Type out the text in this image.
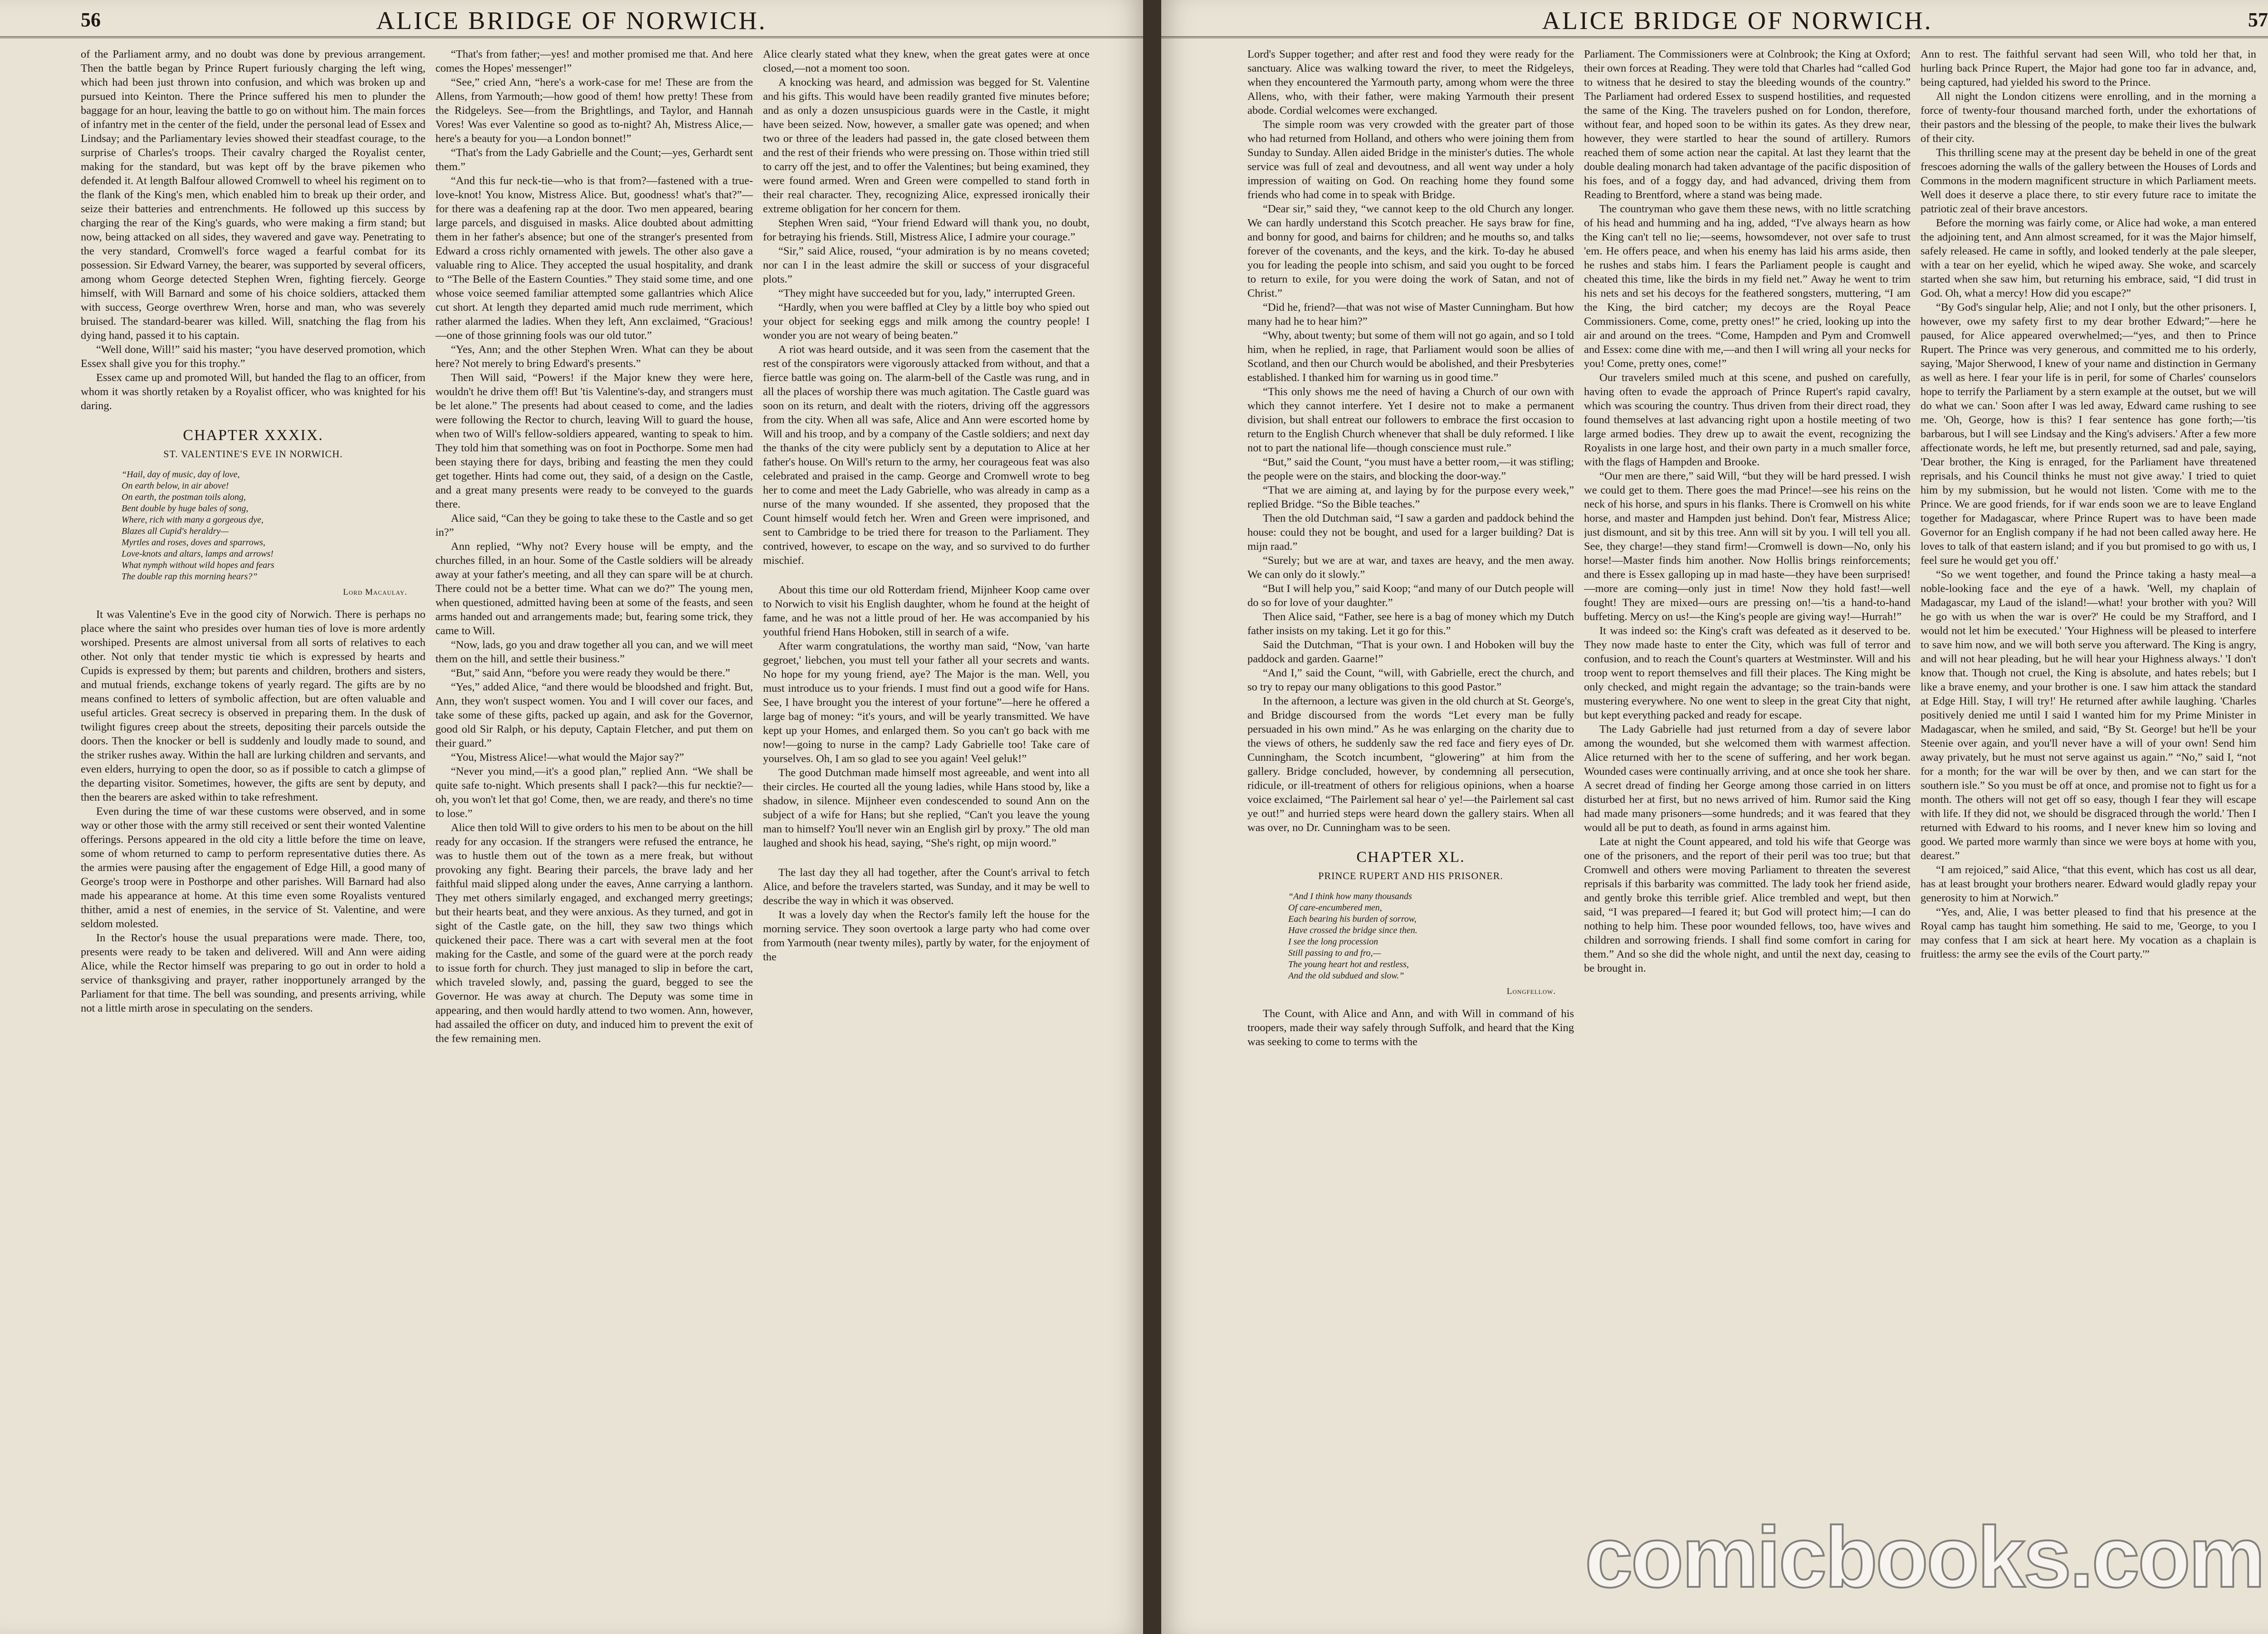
56	ALICE BRIDGE OF NORWICH.

of the Parliament army, and no doubt was done by previous arrangement. Then the battle began by Prince Rupert furiously charging the left wing, which had been just thrown into confusion, and which was broken up and pursued into Keinton. There the Prince suffered his men to plunder the baggage for an hour, leaving the battle to go on without him. The main forces of infantry met in the center of the field, under the personal lead of Essex and Lindsay; and the Parliamentary levies showed their steadfast courage, to the surprise of Charles's troops. Their cavalry charged the Royalist center, making for the standard, but was kept off by the brave pikemen who defended it. At length Balfour allowed Cromwell to wheel his regiment on to the flank of the King's men, which enabled him to break up their order, and seize their batteries and entrenchments. He followed up this success by charging the rear of the King's guards, who were making a firm stand; but now, being attacked on all sides, they wavered and gave way. Penetrating to the very standard, Cromwell's force waged a fearful combat for its possession. Sir Edward Varney, the bearer, was supported by several officers, among whom George detected Stephen Wren, fighting fiercely. George himself, with Will Barnard and some of his choice soldiers, attacked them with success, George overthrew Wren, horse and man, who was severely bruised. The standard-bearer was killed. Will, snatching the flag from his dying hand, passed it to his captain.

“Well done, Will!” said his master; “you have deserved promotion, which Essex shall give you for this trophy.”

Essex came up and promoted Will, but handed the flag to an officer, from whom it was shortly retaken by a Royalist officer, who was knighted for his daring.

CHAPTER XXXIX.
ST. VALENTINE'S EVE IN NORWICH.
“Hail, day of music, day of love,
On earth below, in air above!
On earth, the postman toils along,
Bent double by huge bales of song,
Where, rich with many a gorgeous dye,
Blazes all Cupid's heraldry—
Myrtles and roses, doves and sparrows,
Love-knots and altars, lamps and arrows!
What nymph without wild hopes and fears
The double rap this morning hears?”
Lord Macaulay.

It was Valentine's Eve in the good city of Norwich. There is perhaps no place where the saint who presides over human ties of love is more ardently worshiped. Presents are almost universal from all sorts of relatives to each other. Not only that tender mystic tie which is expressed by hearts and Cupids is expressed by them; but parents and children, brothers and sisters, and mutual friends, exchange tokens of yearly regard. The gifts are by no means confined to letters of symbolic affection, but are often valuable and useful articles. Great secrecy is observed in preparing them. In the dusk of twilight figures creep about the streets, depositing their parcels outside the doors. Then the knocker or bell is suddenly and loudly made to sound, and the striker rushes away. Within the hall are lurking children and servants, and even elders, hurrying to open the door, so as if possible to catch a glimpse of the departing visitor. Sometimes, however, the gifts are sent by deputy, and then the bearers are asked within to take refreshment.

Even during the time of war these customs were observed, and in some way or other those with the army still received or sent their wonted Valentine offerings. Persons appeared in the old city a little before the time on leave, some of whom returned to camp to perform representative duties there. As the armies were pausing after the engagement of Edge Hill, a good many of George's troop were in Posthorpe and other parishes. Will Barnard had also made his appearance at home. At this time even some Royalists ventured thither, amid a nest of enemies, in the service of St. Valentine, and were seldom molested.

In the Rector's house the usual preparations were made. There, too, presents were ready to be taken and delivered. Will and Ann were aiding Alice, while the Rector himself was preparing to go out in order to hold a service of thanksgiving and prayer, rather inopportunely arranged by the Parliament for that time. The bell was sounding, and presents arriving, while not a little mirth arose in speculating on the senders.

“That's from father;—yes! and mother promised me that. And here comes the Hopes' messenger!”

“See,” cried Ann, “here's a work-case for me! These are from the Allens, from Yarmouth;—how good of them! how pretty! These from the Ridgeleys. See—from the Brightlings, and Taylor, and Hannah Vores! Was ever Valentine so good as to-night? Ah, Mistress Alice,—here's a beauty for you—a London bonnet!”

“That's from the Lady Gabrielle and the Count;—yes, Gerhardt sent them.”

“And this fur neck-tie—who is that from?—fastened with a true-love-knot! You know, Mistress Alice. But, goodness! what's that?”—for there was a deafening rap at the door. Two men appeared, bearing large parcels, and disguised in masks. Alice doubted about admitting them in her father's absence; but one of the stranger's presented from Edward a cross richly ornamented with jewels. The other also gave a valuable ring to Alice. They accepted the usual hospitality, and drank to “The Belle of the Eastern Counties.” They staid some time, and one whose voice seemed familiar attempted some gallantries which Alice cut short. At length they departed amid much rude merriment, which rather alarmed the ladies. When they left, Ann exclaimed, “Gracious!—one of those grinning fools was our old tutor.”

“Yes, Ann; and the other Stephen Wren. What can they be about here? Not merely to bring Edward's presents.”

Then Will said, “Powers! if the Major knew they were here, wouldn't he drive them off! But 'tis Valentine's-day, and strangers must be let alone.” The presents had about ceased to come, and the ladies were following the Rector to church, leaving Will to guard the house, when two of Will's fellow-soldiers appeared, wanting to speak to him. They told him that something was on foot in Pocthorpe. Some men had been staying there for days, bribing and feasting the men they could get together. Hints had come out, they said, of a design on the Castle, and a great many presents were ready to be conveyed to the guards there.

Alice said, “Can they be going to take these to the Castle and so get in?”

Ann replied, “Why not? Every house will be empty, and the churches filled, in an hour. Some of the Castle soldiers will be already away at your father's meeting, and all they can spare will be at church. There could not be a better time. What can we do?” The young men, when questioned, admitted having been at some of the feasts, and seen arms handed out and arrangements made; but, fearing some trick, they came to Will.

“Now, lads, go you and draw together all you can, and we will meet them on the hill, and settle their business.”

“But,” said Ann, “before you were ready they would be there.”

“Yes,” added Alice, “and there would be bloodshed and fright. But, Ann, they won't suspect women. You and I will cover our faces, and take some of these gifts, packed up again, and ask for the Governor, good old Sir Ralph, or his deputy, Captain Fletcher, and put them on their guard.”

“You, Mistress Alice!—what would the Major say?”

“Never you mind,—it's a good plan,” replied Ann. “We shall be quite safe to-night. Which presents shall I pack?—this fur necktie?—oh, you won't let that go! Come, then, we are ready, and there's no time to lose.”

Alice then told Will to give orders to his men to be about on the hill ready for any occasion. If the strangers were refused the entrance, he was to hustle them out of the town as a mere freak, but without provoking any fight. Bearing their parcels, the brave lady and her faithful maid slipped along under the eaves, Anne carrying a lanthorn. They met others similarly engaged, and exchanged merry greetings; but their hearts beat, and they were anxious. As they turned, and got in sight of the Castle gate, on the hill, they saw two things which quickened their pace. There was a cart with several men at the foot making for the Castle, and some of the guard were at the porch ready to issue forth for church. They just managed to slip in before the cart, which traveled slowly, and, passing the guard, begged to see the Governor. He was away at church. The Deputy was some time in appearing, and then would hardly attend to two women. Ann, however, had assailed the officer on duty, and induced him to prevent the exit of the few remaining men.

Alice clearly stated what they knew, when the great gates were at once closed,—not a moment too soon.

A knocking was heard, and admission was begged for St. Valentine and his gifts. This would have been readily granted five minutes before; and as only a dozen unsuspicious guards were in the Castle, it might have been seized. Now, however, a smaller gate was opened; and when two or three of the leaders had passed in, the gate closed between them and the rest of their friends who were pressing on. Those within tried still to carry off the jest, and to offer the Valentines; but being examined, they were found armed. Wren and Green were compelled to stand forth in their real character. They, recognizing Alice, expressed ironically their extreme obligation for her concern for them.

Stephen Wren said, “Your friend Edward will thank you, no doubt, for betraying his friends. Still, Mistress Alice, I admire your courage.”

“Sir,” said Alice, roused, “your admiration is by no means coveted; nor can I in the least admire the skill or success of your disgraceful plots.”

“They might have succeeded but for you, lady,” interrupted Green.

“Hardly, when you were baffled at Cley by a little boy who spied out your object for seeking eggs and milk among the country people! I wonder you are not weary of being beaten.”

A riot was heard outside, and it was seen from the casement that the rest of the conspirators were vigorously attacked from without, and that a fierce battle was going on. The alarm-bell of the Castle was rung, and in all the places of worship there was much agitation. The Castle guard was soon on its return, and dealt with the rioters, driving off the aggressors from the city. When all was safe, Alice and Ann were escorted home by Will and his troop, and by a company of the Castle soldiers; and next day the thanks of the city were publicly sent by a deputation to Alice at her father's house. On Will's return to the army, her courageous feat was also celebrated and praised in the camp. George and Cromwell wrote to beg her to come and meet the Lady Gabrielle, who was already in camp as a nurse of the many wounded. If she assented, they proposed that the Count himself would fetch her. Wren and Green were imprisoned, and sent to Cambridge to be tried there for treason to the Parliament. They contrived, however, to escape on the way, and so survived to do further mischief.

About this time our old Rotterdam friend, Mijnheer Koop came over to Norwich to visit his English daughter, whom he found at the height of fame, and he was not a little proud of her. He was accompanied by his youthful friend Hans Hoboken, still in search of a wife.

After warm congratulations, the worthy man said, “Now, 'van harte gegroet,' liebchen, you must tell your father all your secrets and wants. No hope for my young friend, aye? The Major is the man. Well, you must introduce us to your friends. I must find out a good wife for Hans. See, I have brought you the interest of your fortune”—here he offered a large bag of money: “it's yours, and will be yearly transmitted. We have kept up your Homes, and enlarged them. So you can't go back with me now!—going to nurse in the camp? Lady Gabrielle too! Take care of yourselves. Oh, I am so glad to see you again! Veel geluk!”

The good Dutchman made himself most agreeable, and went into all their circles. He courted all the young ladies, while Hans stood by, like a shadow, in silence. Mijnheer even condescended to sound Ann on the subject of a wife for Hans; but she replied, “Can't you leave the young man to himself? You'll never win an English girl by proxy.” The old man laughed and shook his head, saying, “She's right, op mijn woord.”

The last day they all had together, after the Count's arrival to fetch Alice, and before the travelers started, was Sunday, and it may be well to describe the way in which it was observed.

It was a lovely day when the Rector's family left the house for the morning service. They soon overtook a large party who had come over from Yarmouth (near twenty miles), partly by water, for the enjoyment of the

ALICE BRIDGE OF NORWICH.	57

Lord's Supper together; and after rest and food they were ready for the sanctuary. Alice was walking toward the river, to meet the Ridgeleys, when they encountered the Yarmouth party, among whom were the three Allens, who, with their father, were making Yarmouth their present abode. Cordial welcomes were exchanged.

The simple room was very crowded with the greater part of those who had returned from Holland, and others who were joining them from Sunday to Sunday. Allen aided Bridge in the minister's duties. The whole service was full of zeal and devoutness, and all went way under a holy impression of waiting on God. On reaching home they found some friends who had come in to speak with Bridge.

“Dear sir,” said they, “we cannot keep to the old Church any longer. We can hardly understand this Scotch preacher. He says braw for fine, and bonny for good, and bairns for children; and he mouths so, and talks forever of the covenants, and the keys, and the kirk. To-day he abused you for leading the people into schism, and said you ought to be forced to return to exile, for you were doing the work of Satan, and not of Christ.”

“Did he, friend?—that was not wise of Master Cunningham. But how many had he to hear him?”

“Why, about twenty; but some of them will not go again, and so I told him, when he replied, in rage, that Parliament would soon be allies of Scotland, and then our Church would be abolished, and their Presbyteries established. I thanked him for warning us in good time.”

“This only shows me the need of having a Church of our own with which they cannot interfere. Yet I desire not to make a permanent division, but shall entreat our followers to embrace the first occasion to return to the English Church whenever that shall be duly reformed. I like not to part the national life—though conscience must rule.”

“But,” said the Count, “you must have a better room,—it was stifling; the people were on the stairs, and blocking the door-way.”

“That we are aiming at, and laying by for the purpose every week,” replied Bridge. “So the Bible teaches.”

Then the old Dutchman said, “I saw a garden and paddock behind the house: could they not be bought, and used for a larger building? Dat is mijn raad.”

“Surely; but we are at war, and taxes are heavy, and the men away. We can only do it slowly.”

“But I will help you,” said Koop; “and many of our Dutch people will do so for love of your daughter.”

Then Alice said, “Father, see here is a bag of money which my Dutch father insists on my taking. Let it go for this.”

Said the Dutchman, “That is your own. I and Hoboken will buy the paddock and garden. Gaarne!”

“And I,” said the Count, “will, with Gabrielle, erect the church, and so try to repay our many obligations to this good Pastor.”

In the afternoon, a lecture was given in the old church at St. George's, and Bridge discoursed from the words “Let every man be fully persuaded in his own mind.” As he was enlarging on the charity due to the views of others, he suddenly saw the red face and fiery eyes of Dr. Cunningham, the Scotch incumbent, “glowering” at him from the gallery. Bridge concluded, however, by condemning all persecution, ridicule, or ill-treatment of others for religious opinions, when a hoarse voice exclaimed, “The Pairlement sal hear o' ye!—the Pairlement sal cast ye out!” and hurried steps were heard down the gallery stairs. When all was over, no Dr. Cunningham was to be seen.

CHAPTER XL.
PRINCE RUPERT AND HIS PRISONER.
“And I think how many thousands
Of care-encumbered men,
Each bearing his burden of sorrow,
Have crossed the bridge since then.
I see the long procession
Still passing to and fro,—
The young heart hot and restless,
And the old subdued and slow.”
Longfellow.

The Count, with Alice and Ann, and with Will in command of his troopers, made their way safely through Suffolk, and heard that the King was seeking to come to terms with the

Parliament. The Commissioners were at Colnbrook; the King at Oxford; their own forces at Reading. They were told that Charles had “called God to witness that he desired to stay the bleeding wounds of the country.” The Parliament had ordered Essex to suspend hostilities, and requested the same of the King. The travelers pushed on for London, therefore, without fear, and hoped soon to be within its gates. As they drew near, however, they were startled to hear the sound of artillery. Rumors reached them of some action near the capital. At last they learnt that the double dealing monarch had taken advantage of the pacific disposition of his foes, and of a foggy day, and had advanced, driving them from Reading to Brentford, where a stand was being made.

The countryman who gave them these news, with no little scratching of his head and humming and ha ing, added, “I've always hearn as how the King can't tell no lie;—seems, howsomdever, not over safe to trust 'em. He offers peace, and when his enemy has laid his arms aside, then he rushes and stabs him. I fears the Parliament people is caught and cheated this time, like the birds in my field net.” Away he went to trim his nets and set his decoys for the feathered songsters, muttering, “I am the King, the bird catcher; my decoys are the Royal Peace Commissioners. Come, come, pretty ones!” he cried, looking up into the air and around on the trees. “Come, Hampden and Pym and Cromwell and Essex: come dine with me,—and then I will wring all your necks for you! Come, pretty ones, come!”

Our travelers smiled much at this scene, and pushed on carefully, having often to evade the approach of Prince Rupert's rapid cavalry, which was scouring the country. Thus driven from their direct road, they found themselves at last advancing right upon a hostile meeting of two large armed bodies. They drew up to await the event, recognizing the Royalists in one large host, and their own party in a much smaller force, with the flags of Hampden and Brooke.

“Our men are there,” said Will, “but they will be hard pressed. I wish we could get to them. There goes the mad Prince!—see his reins on the neck of his horse, and spurs in his flanks. There is Cromwell on his white horse, and master and Hampden just behind. Don't fear, Mistress Alice; just dismount, and sit by this tree. Ann will sit by you. I will tell you all. See, they charge!—they stand firm!—Cromwell is down—No, only his horse!—Master finds him another. Now Hollis brings reinforcements; and there is Essex galloping up in mad haste—they have been surprised!—more are coming—only just in time! Now they hold fast!—well fought! They are mixed—ours are pressing on!—'tis a hand-to-hand buffeting. Mercy on us!—the King's people are giving way!—Hurrah!”

It was indeed so: the King's craft was defeated as it deserved to be. They now made haste to enter the City, which was full of terror and confusion, and to reach the Count's quarters at Westminster. Will and his troop went to report themselves and fill their places. The King might be only checked, and might regain the advantage; so the train-bands were mustering everywhere. No one went to sleep in the great City that night, but kept everything packed and ready for escape.

The Lady Gabrielle had just returned from a day of severe labor among the wounded, but she welcomed them with warmest affection. Alice returned with her to the scene of suffering, and her work began. Wounded cases were continually arriving, and at once she took her share. A secret dread of finding her George among those carried in on litters disturbed her at first, but no news arrived of him. Rumor said the King had made many prisoners—some hundreds; and it was feared that they would all be put to death, as found in arms against him.

Late at night the Count appeared, and told his wife that George was one of the prisoners, and the report of their peril was too true; but that Cromwell and others were moving Parliament to threaten the severest reprisals if this barbarity was committed. The lady took her friend aside, and gently broke this terrible grief. Alice trembled and wept, but then said, “I was prepared—I feared it; but God will protect him;—I can do nothing to help him. These poor wounded fellows, too, have wives and children and sorrowing friends. I shall find some comfort in caring for them.” And so she did the whole night, and until the next day, ceasing to be brought in.

Ann to rest. The faithful servant had seen Will, who told her that, in hurling back Prince Rupert, the Major had gone too far in advance, and, being captured, had yielded his sword to the Prince.

All night the London citizens were enrolling, and in the morning a force of twenty-four thousand marched forth, under the exhortations of their pastors and the blessing of the people, to make their lives the bulwark of their city.

This thrilling scene may at the present day be beheld in one of the great frescoes adorning the walls of the gallery between the Houses of Lords and Commons in the modern magnificent structure in which Parliament meets. Well does it deserve a place there, to stir every future race to imitate the patriotic zeal of their brave ancestors.

Before the morning was fairly come, or Alice had woke, a man entered the adjoining tent, and Ann almost screamed, for it was the Major himself, safely released. He came in softly, and looked tenderly at the pale sleeper, with a tear on her eyelid, which he wiped away. She woke, and scarcely started when she saw him, but returning his embrace, said, “I did trust in God. Oh, what a mercy! How did you escape?”

“By God's singular help, Alie; and not I only, but the other prisoners. I, however, owe my safety first to my dear brother Edward;”—here he paused, for Alice appeared overwhelmed;—“yes, and then to Prince Rupert. The Prince was very generous, and committed me to his orderly, saying, 'Major Sherwood, I knew of your name and distinction in Germany as well as here. I fear your life is in peril, for some of Charles' counselors hope to terrify the Parliament by a stern example at the outset, but we will do what we can.' Soon after I was led away, Edward came rushing to see me. 'Oh, George, how is this? I fear sentence has gone forth;—'tis barbarous, but I will see Lindsay and the King's advisers.' After a few more affectionate words, he left me, but presently returned, sad and pale, saying, 'Dear brother, the King is enraged, for the Parliament have threatened reprisals, and his Council thinks he must not give away.' I tried to quiet him by my submission, but he would not listen. 'Come with me to the Prince. We are good friends, for if war ends soon we are to leave England together for Madagascar, where Prince Rupert was to have been made Governor for an English company if he had not been called away here. He loves to talk of that eastern island; and if you but promised to go with us, I feel sure he would get you off.'

“So we went together, and found the Prince taking a hasty meal—a noble-looking face and the eye of a hawk. 'Well, my chaplain of Madagascar, my Laud of the island!—what! your brother with you? Will he go with us when the war is over?' He could be my Strafford, and I would not let him be executed.' 'Your Highness will be pleased to interfere to save him now, and we will both serve you afterward. The King is angry, and will not hear pleading, but he will hear your Highness always.' 'I don't know that. Though not cruel, the King is absolute, and hates rebels; but I like a brave enemy, and your brother is one. I saw him attack the standard at Edge Hill. Stay, I will try!' He returned after awhile laughing. 'Charles positively denied me until I said I wanted him for my Prime Minister in Madagascar, when he smiled, and said, “By St. George! but he'll be your Steenie over again, and you'll never have a will of your own! Send him away privately, but he must not serve against us again.” “No,” said I, “not for a month; for the war will be over by then, and we can start for the southern isle.” So you must be off at once, and promise not to fight us for a month. The others will not get off so easy, though I fear they will escape with life. If they did not, we should be disgraced through the world.' Then I returned with Edward to his rooms, and I never knew him so loving and good. We parted more warmly than since we were boys at home with you, dearest.”

“I am rejoiced,” said Alice, “that this event, which has cost us all dear, has at least brought your brothers nearer. Edward would gladly repay your generosity to him at Norwich.”

“Yes, and, Alie, I was better pleased to find that his presence at the Royal camp has taught him something. He said to me, 'George, to you I may confess that I am sick at heart here. My vocation as a chaplain is fruitless: the army see the evils of the Court party.'”

comicbooks.com
